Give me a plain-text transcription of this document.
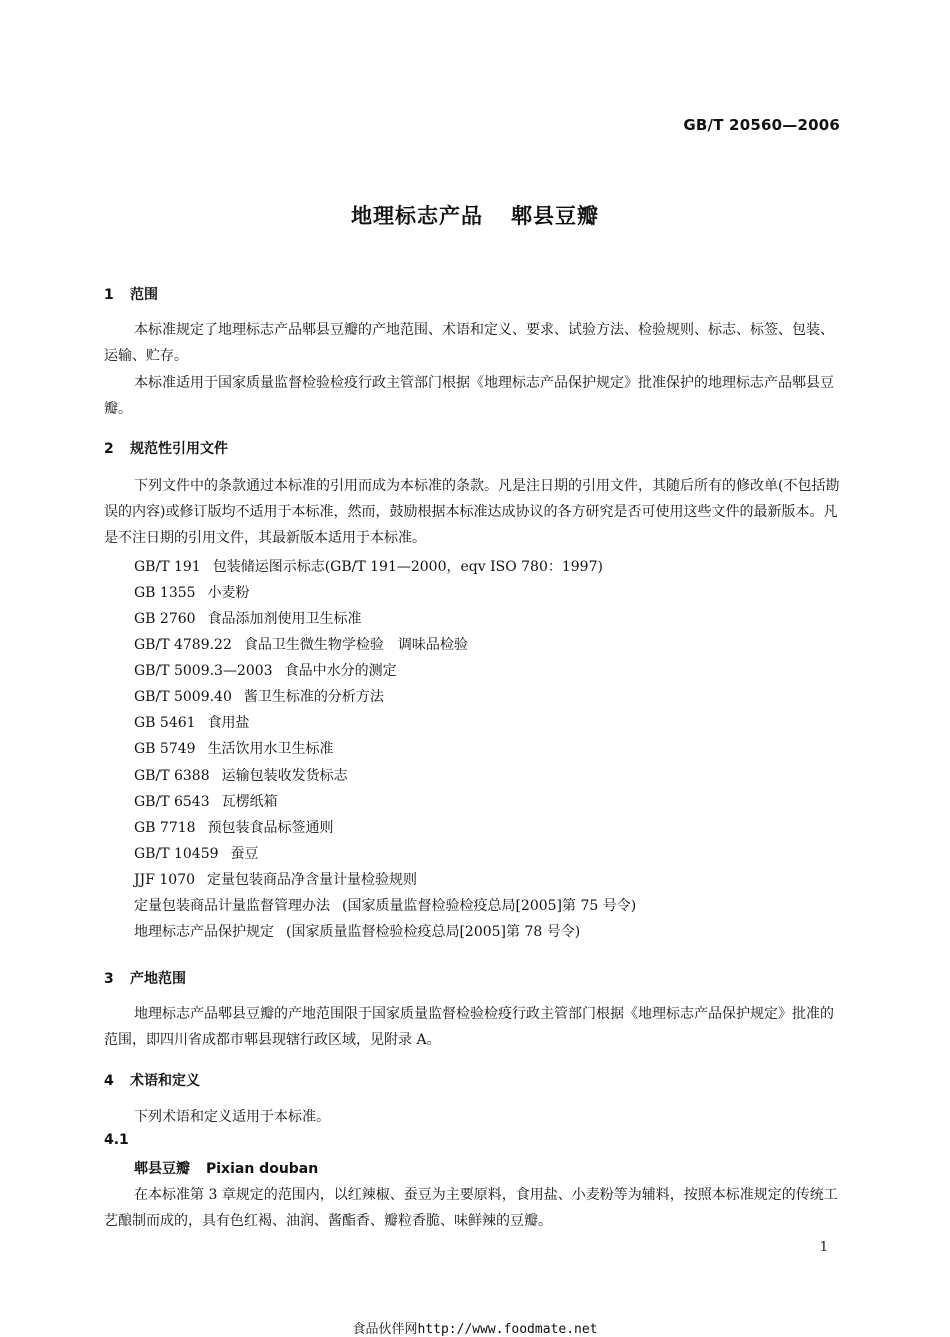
GB/T 20560—2006
地理标志产品 郫县豆瓣
1 范围
本标准规定了地理标志产品郫县豆瓣的产地范围、术语和定义、要求、试验方法、检验规则、标志、标签、包装、运输、贮存。
本标准适用于国家质量监督检验检疫行政主管部门根据《地理标志产品保护规定》批准保护的地理标志产品郫县豆瓣。
2 规范性引用文件
下列文件中的条款通过本标准的引用而成为本标准的条款。凡是注日期的引用文件，其随后所有的修改单(不包括勘误的内容)或修订版均不适用于本标准，然而，鼓励根据本标准达成协议的各方研究是否可使用这些文件的最新版本。凡是不注日期的引用文件，其最新版本适用于本标准。
GB/T 191 包装储运图示标志(GB/T 191—2000，eqv ISO 780：1997)
GB 1355 小麦粉
GB 2760 食品添加剂使用卫生标准
GB/T 4789.22 食品卫生微生物学检验　调味品检验
GB/T 5009.3—2003 食品中水分的测定
GB/T 5009.40 酱卫生标准的分析方法
GB 5461 食用盐
GB 5749 生活饮用水卫生标准
GB/T 6388 运输包装收发货标志
GB/T 6543 瓦楞纸箱
GB 7718 预包装食品标签通则
GB/T 10459 蚕豆
JJF 1070 定量包装商品净含量计量检验规则
定量包装商品计量监督管理办法 (国家质量监督检验检疫总局[2005]第 75 号令)
地理标志产品保护规定 (国家质量监督检验检疫总局[2005]第 78 号令)
3 产地范围
地理标志产品郫县豆瓣的产地范围限于国家质量监督检验检疫行政主管部门根据《地理标志产品保护规定》批准的范围，即四川省成都市郫县现辖行政区域，见附录 A。
4 术语和定义
下列术语和定义适用于本标准。
4.1
郫县豆瓣 Pixian douban
在本标准第 3 章规定的范围内，以红辣椒、蚕豆为主要原料，食用盐、小麦粉等为辅料，按照本标准规定的传统工艺酿制而成的，具有色红褐、油润、酱酯香、瓣粒香脆、味鲜辣的豆瓣。
1
食品伙伴网http://www.foodmate.net
